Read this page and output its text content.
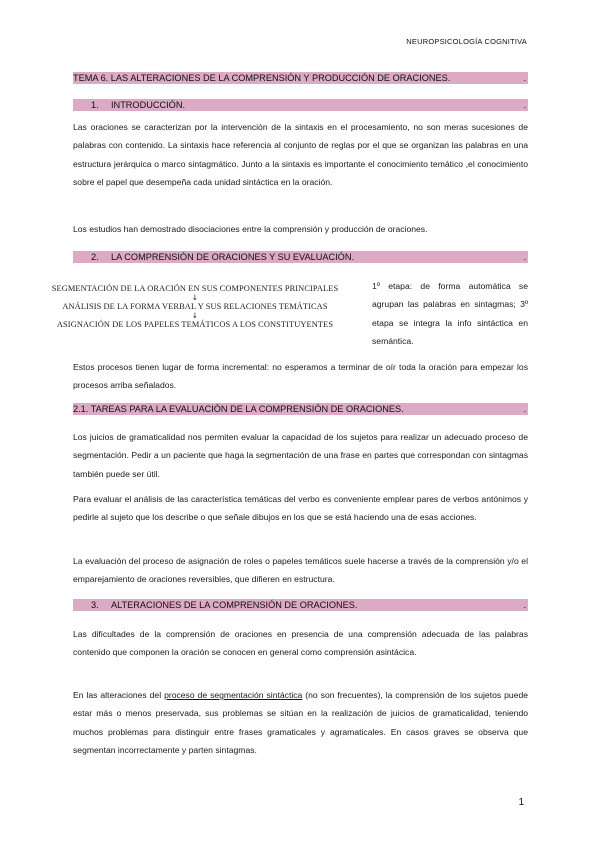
NEUROPSICOLOGÍA COGNITIVA
TEMA 6. LAS ALTERACIONES DE LA COMPRENSIÓN Y PRODUCCIÓN DE ORACIONES.	.
1. INTRODUCCIÓN.	.

Las oraciones se caracterizan por la intervención de la sintaxis en el procesamiento, no son meras sucesiones de palabras con contenido. La sintaxis hace referencia al conjunto de reglas por el que se organizan las palabras en una estructura jerárquica o marco sintagmático. Junto a la sintaxis es importante el conocimiento temático ,el conocimiento sobre el papel que desempeña cada unidad sintáctica en la oración.

Los estudios han demostrado disociaciones entre la comprensión y producción de oraciones.

2. LA COMPRENSIÓN DE ORACIONES Y SU EVALUACIÓN.	.
SEGMENTACIÓN DE LA ORACIÓN EN SUS COMPONENTES PRINCIPALES
↓
ANÁLISIS DE LA FORMA VERBAL Y SUS RELACIONES TEMÁTICAS
↓
ASIGNACIÓN DE LOS PAPELES TEMÁTICOS A LOS CONSTITUYENTES

1º etapa: de forma automática se agrupan las palabras en sintagmas; 3º etapa se integra la info sintáctica en semántica.

Estos procesos tienen lugar de forma incremental: no esperamos a terminar de oír toda la oración para empezar los procesos arriba señalados.

2.1. TAREAS PARA LA EVALUACIÓN DE LA COMPRENSIÓN DE ORACIONES.	.

Los juicios de gramaticalidad nos permiten evaluar la capacidad de los sujetos para realizar un adecuado proceso de segmentación. Pedir a un paciente que haga la segmentación de una frase en partes que correspondan con sintagmas también puede ser útil.

Para evaluar el análisis de las característica temáticas del verbo es conveniente emplear pares de verbos antónimos y pedirle al sujeto que los describe o que señale dibujos en los que se está haciendo una de esas acciones.

La evaluación del proceso de asignación de roles o papeles temáticos suele hacerse a través de la comprensión y/o el emparejamiento de oraciones reversibles, que difieren en estructura.

3. ALTERACIONES DE LA COMPRENSIÓN DE ORACIONES.	.

Las dificultades de la comprensión de oraciones en presencia de una comprensión adecuada de las palabras contenido que componen la oración se conocen en general como comprensión asintácica.

En las alteraciones del proceso de segmentación sintáctica (no son frecuentes), la comprensión de los sujetos puede estar más o menos preservada, sus problemas se sitúan en la realización de juicios de gramaticalidad, teniendo muchos problemas para distinguir entre frases gramaticales y agramaticales. En casos graves se observa que segmentan incorrectamente y parten sintagmas.

1
